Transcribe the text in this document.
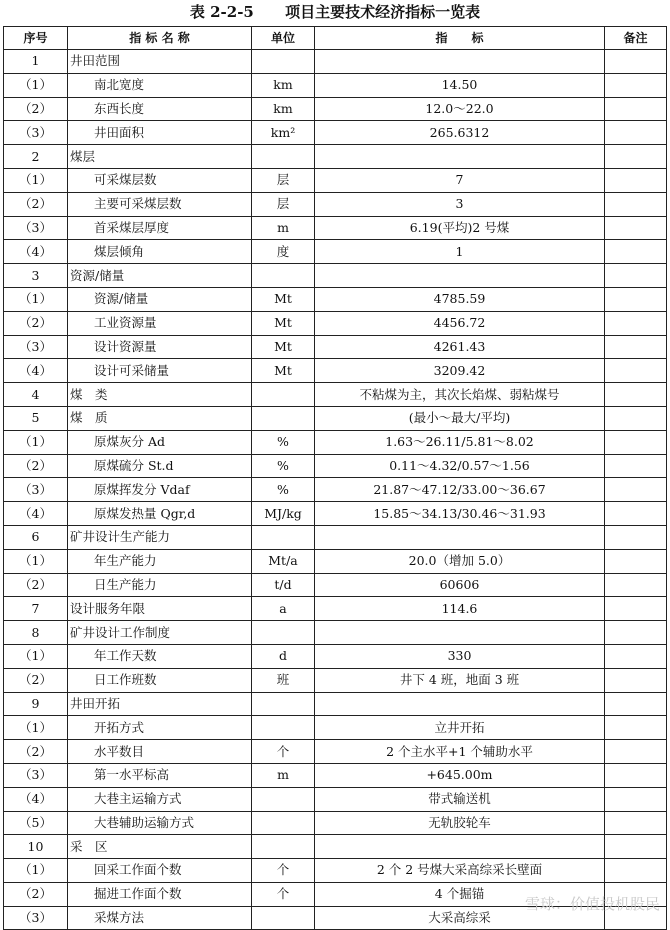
表 2-2-5 项目主要技术经济指标一览表
序号	指 标 名 称	单位	指　　标	备注
1	井田范围			
（1）	南北宽度	km	14.50	
（2）	东西长度	km	12.0～22.0	
（3）	井田面积	km²	265.6312	
2	煤层			
（1）	可采煤层数	层	7	
（2）	主要可采煤层数	层	3	
（3）	首采煤层厚度	m	6.19(平均)2 号煤	
（4）	煤层倾角	度	1	
3	资源/储量			
（1）	资源/储量	Mt	4785.59	
（2）	工业资源量	Mt	4456.72	
（3）	设计资源量	Mt	4261.43	
（4）	设计可采储量	Mt	3209.42	
4	煤　类		不粘煤为主，其次长焰煤、弱粘煤号	
5	煤　质		(最小～最大/平均)	
（1）	原煤灰分 Ad	%	1.63～26.11/5.81～8.02	
（2）	原煤硫分 St.d	%	0.11～4.32/0.57～1.56	
（3）	原煤挥发分 Vdaf	%	21.87～47.12/33.00～36.67	
（4）	原煤发热量 Qgr,d	MJ/kg	15.85～34.13/30.46～31.93	
6	矿井设计生产能力			
（1）	年生产能力	Mt/a	20.0（增加 5.0）	
（2）	日生产能力	t/d	60606	
7	设计服务年限	a	114.6	
8	矿井设计工作制度			
（1）	年工作天数	d	330	
（2）	日工作班数	班	井下 4 班，地面 3 班	
9	井田开拓			
（1）	开拓方式		立井开拓	
（2）	水平数目	个	2 个主水平+1 个辅助水平	
（3）	第一水平标高	m	+645.00m	
（4）	大巷主运输方式		带式输送机	
（5）	大巷辅助运输方式		无轨胶轮车	
10	采　区			
（1）	回采工作面个数	个	2 个 2 号煤大采高综采长壁面	
（2）	掘进工作面个数	个	4 个掘锚	
（3）	采煤方法		大采高综采	
雪球：价值投机股民
